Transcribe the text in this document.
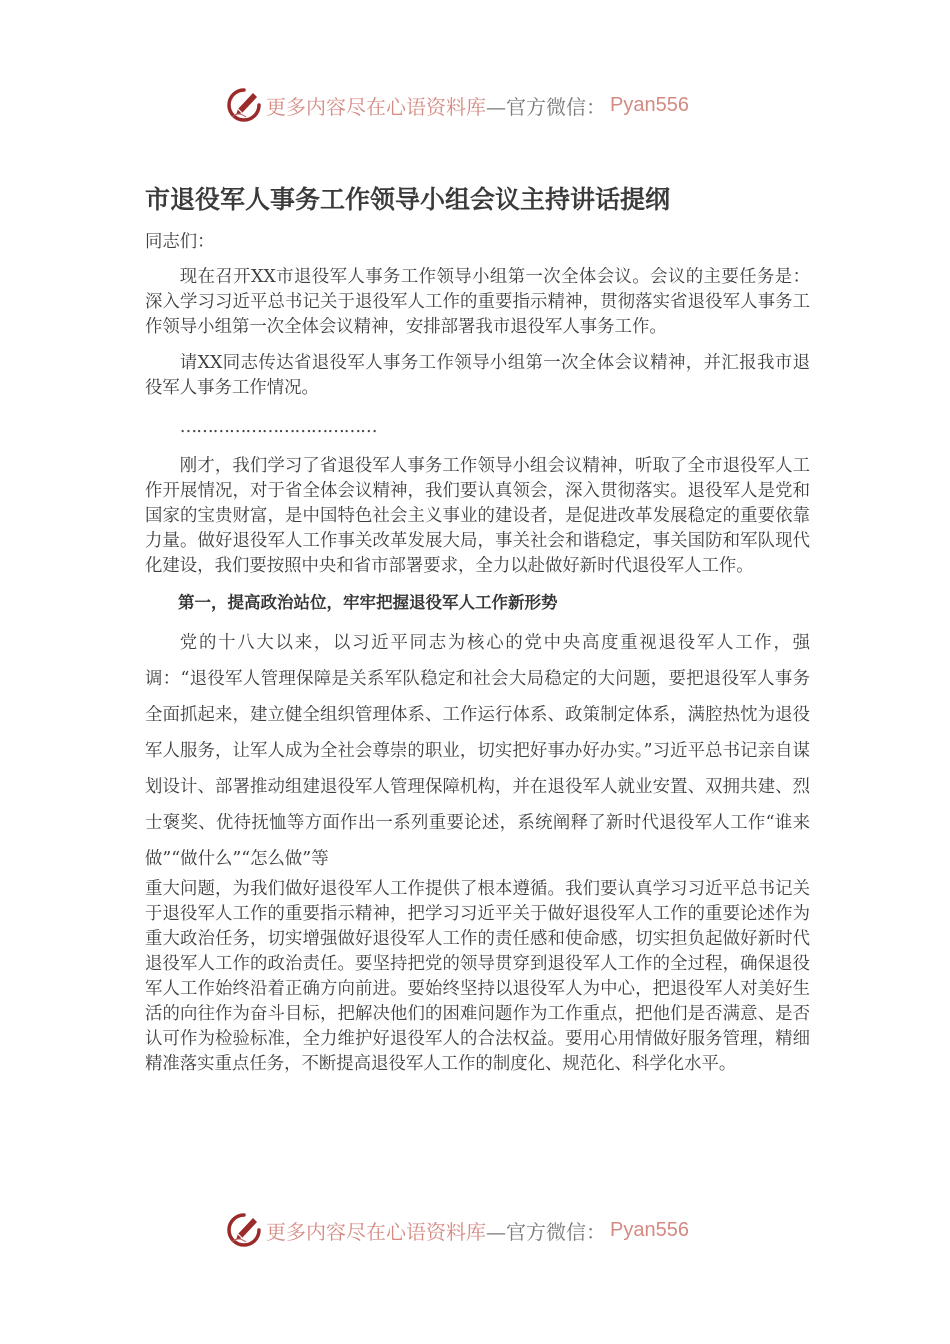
更多内容尽在心语资料库 —官方微信： Pyan556
市退役军人事务工作领导小组会议主持讲话提纲

同志们：

现在召开XX市退役军人事务工作领导小组第一次全体会议。会议的主要任务是：深入学习习近平总书记关于退役军人工作的重要指示精神，贯彻落实省退役军人事务工作领导小组第一次全体会议精神，安排部署我市退役军人事务工作。

请XX同志传达省退役军人事务工作领导小组第一次全体会议精神，并汇报我市退役军人事务工作情况。

………………………………

刚才，我们学习了省退役军人事务工作领导小组会议精神，听取了全市退役军人工作开展情况，对于省全体会议精神，我们要认真领会，深入贯彻落实。退役军人是党和国家的宝贵财富，是中国特色社会主义事业的建设者，是促进改革发展稳定的重要依靠力量。做好退役军人工作事关改革发展大局，事关社会和谐稳定，事关国防和军队现代化建设，我们要按照中央和省市部署要求，全力以赴做好新时代退役军人工作。

第一，提高政治站位，牢牢把握退役军人工作新形势

党的十八大以来，以习近平同志为核心的党中央高度重视退役军人工作，强调：“退役军人管理保障是关系军队稳定和社会大局稳定的大问题，要把退役军人事务全面抓起来，建立健全组织管理体系、工作运行体系、政策制定体系，满腔热忱为退役军人服务，让军人成为全社会尊崇的职业，切实把好事办好办实。”习近平总书记亲自谋划设计、部署推动组建退役军人管理保障机构，并在退役军人就业安置、双拥共建、烈士褒奖、优待抚恤等方面作出一系列重要论述，系统阐释了新时代退役军人工作“谁来做”“做什么”“怎么做”等

重大问题，为我们做好退役军人工作提供了根本遵循。我们要认真学习习近平总书记关于退役军人工作的重要指示精神，把学习习近平关于做好退役军人工作的重要论述作为重大政治任务，切实增强做好退役军人工作的责任感和使命感，切实担负起做好新时代退役军人工作的政治责任。要坚持把党的领导贯穿到退役军人工作的全过程，确保退役军人工作始终沿着正确方向前进。要始终坚持以退役军人为中心，把退役军人对美好生活的向往作为奋斗目标，把解决他们的困难问题作为工作重点，把他们是否满意、是否认可作为检验标准，全力维护好退役军人的合法权益。要用心用情做好服务管理，精细精准落实重点任务，不断提高退役军人工作的制度化、规范化、科学化水平。

更多内容尽在心语资料库 —官方微信： Pyan556
